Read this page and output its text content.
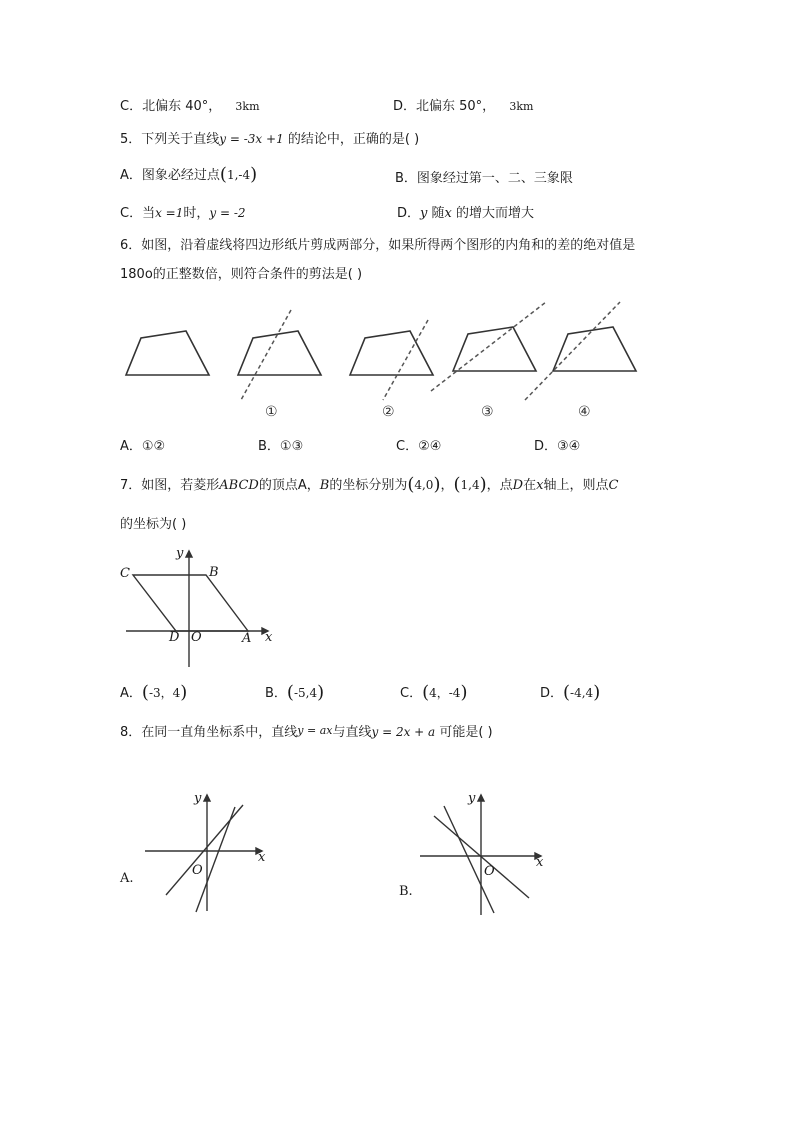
C．北偏东 40°， 3km	D．北偏东 50°， 3km
5．下列关于直线y = -3x +1 的结论中，正确的是( )
A．图象必经过点(1,-4)	B．图象经过第一、二、三象限
C．当x =1时，y = -2	D．y 随x 的增大而增大
6．如图，沿着虚线将四边形纸片剪成两部分，如果所得两个图形的内角和的差的绝对值是
180o的正整数倍，则符合条件的剪法是( )
①	②	③	④
A．①②	B．①③	C．②④	D．③④
7．如图，若菱形ABCD的顶点A，B的坐标分别为(4,0)，(1,4)，点D在x轴上，则点C
的坐标为( )
y
x
C	B
D O	A
A．(-3，4)	B．(-5,4)	C．(4，-4)	D．(-4,4)
8．在同一直角坐标系中，直线y = ax与直线y = 2x + a 可能是( )
y
x
O
A.
y
x
O
B.
